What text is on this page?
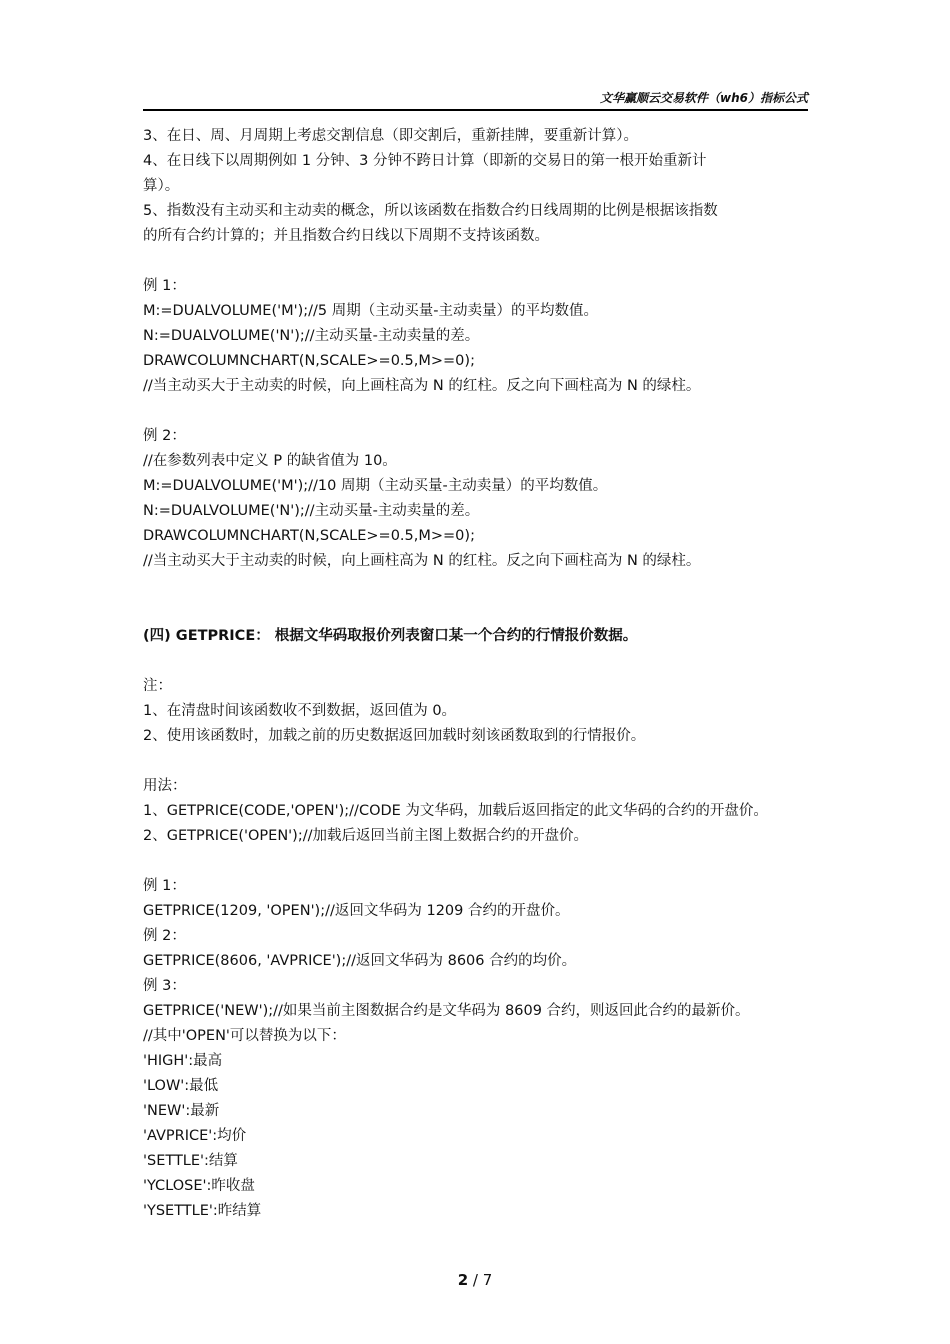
文华赢顺云交易软件（wh6）指标公式
3、在日、周、月周期上考虑交割信息（即交割后，重新挂牌，要重新计算）。
4、在日线下以周期例如 1 分钟、3 分钟不跨日计算（即新的交易日的第一根开始重新计
算）。
5、指数没有主动买和主动卖的概念，所以该函数在指数合约日线周期的比例是根据该指数
的所有合约计算的；并且指数合约日线以下周期不支持该函数。
例 1：
M:=DUALVOLUME('M');//5 周期（主动买量-主动卖量）的平均数值。
N:=DUALVOLUME('N');//主动买量-主动卖量的差。
DRAWCOLUMNCHART(N,SCALE>=0.5,M>=0);
//当主动买大于主动卖的时候，向上画柱高为 N 的红柱。反之向下画柱高为 N 的绿柱。
例 2：
//在参数列表中定义 P 的缺省值为 10。
M:=DUALVOLUME('M');//10 周期（主动买量-主动卖量）的平均数值。
N:=DUALVOLUME('N');//主动买量-主动卖量的差。
DRAWCOLUMNCHART(N,SCALE>=0.5,M>=0);
//当主动买大于主动卖的时候，向上画柱高为 N 的红柱。反之向下画柱高为 N 的绿柱。
(四) GETPRICE： 根据文华码取报价列表窗口某一个合约的行情报价数据。
注：
1、在清盘时间该函数收不到数据，返回值为 0。
2、使用该函数时，加载之前的历史数据返回加载时刻该函数取到的行情报价。
用法：
1、GETPRICE(CODE,'OPEN');//CODE 为文华码，加载后返回指定的此文华码的合约的开盘价。
2、GETPRICE('OPEN');//加载后返回当前主图上数据合约的开盘价。
例 1：
GETPRICE(1209, 'OPEN');//返回文华码为 1209 合约的开盘价。
例 2：
GETPRICE(8606, 'AVPRICE');//返回文华码为 8606 合约的均价。
例 3：
GETPRICE('NEW');//如果当前主图数据合约是文华码为 8609 合约，则返回此合约的最新价。
//其中'OPEN'可以替换为以下：
'HIGH':最高
'LOW':最低
'NEW':最新
'AVPRICE':均价
'SETTLE':结算
'YCLOSE':昨收盘
'YSETTLE':昨结算
2 / 7
